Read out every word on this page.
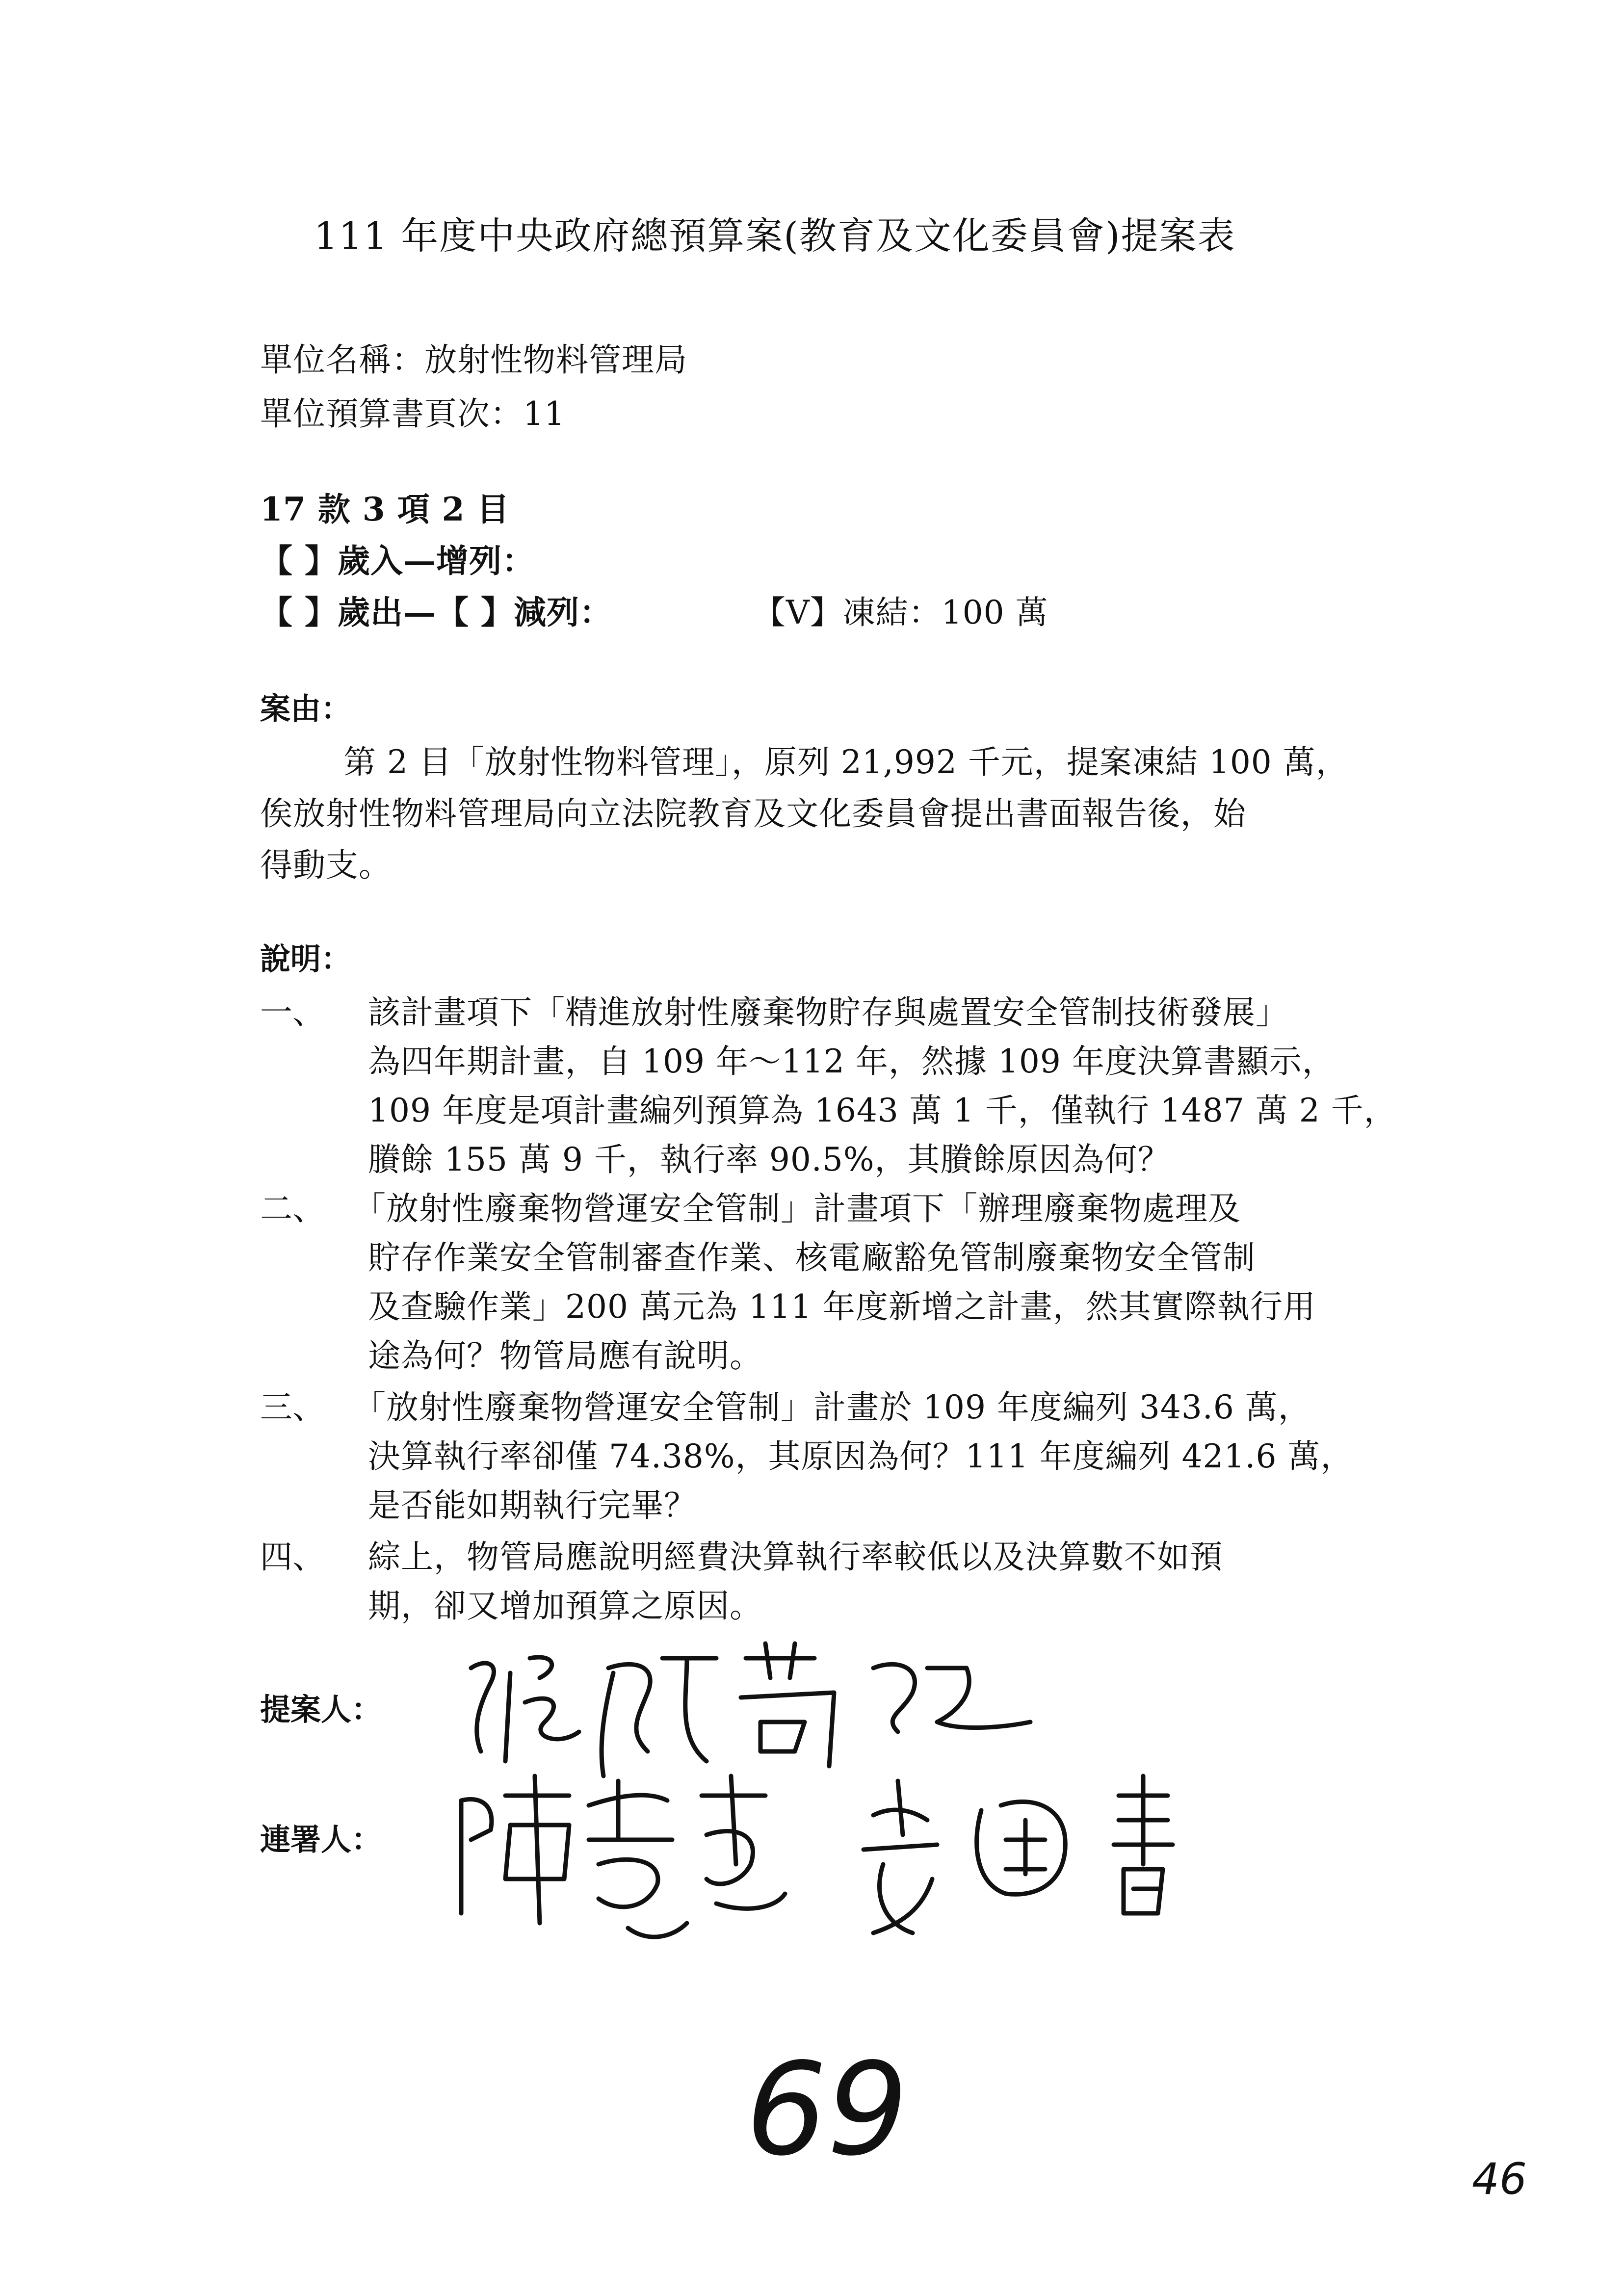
111 年度中央政府總預算案(教育及文化委員會)提案表
單位名稱：放射性物料管理局
單位預算書頁次：11
17 款 3 項 2 目
【 】歲入—增列：
【 】歲出—【 】減列：	【V】凍結：100 萬
案由：
第 2 目「放射性物料管理」，原列 21,992 千元，提案凍結 100 萬，
俟放射性物料管理局向立法院教育及文化委員會提出書面報告後，始
得動支。
說明：
一、 該計畫項下「精進放射性廢棄物貯存與處置安全管制技術發展」
為四年期計畫，自 109 年～112 年，然據 109 年度決算書顯示，
109 年度是項計畫編列預算為 1643 萬 1 千，僅執行 1487 萬 2 千，
賸餘 155 萬 9 千，執行率 90.5%，其賸餘原因為何？
二、 「放射性廢棄物營運安全管制」計畫項下「辦理廢棄物處理及
貯存作業安全管制審查作業、核電廠豁免管制廢棄物安全管制
及查驗作業」200 萬元為 111 年度新增之計畫，然其實際執行用
途為何？物管局應有說明。
三、 「放射性廢棄物營運安全管制」計畫於 109 年度編列 343.6 萬，
決算執行率卻僅 74.38%，其原因為何？111 年度編列 421.6 萬，
是否能如期執行完畢？
四、 綜上，物管局應說明經費決算執行率較低以及決算數不如預
期，卻又增加預算之原因。
提案人：
連署人：
69	46
